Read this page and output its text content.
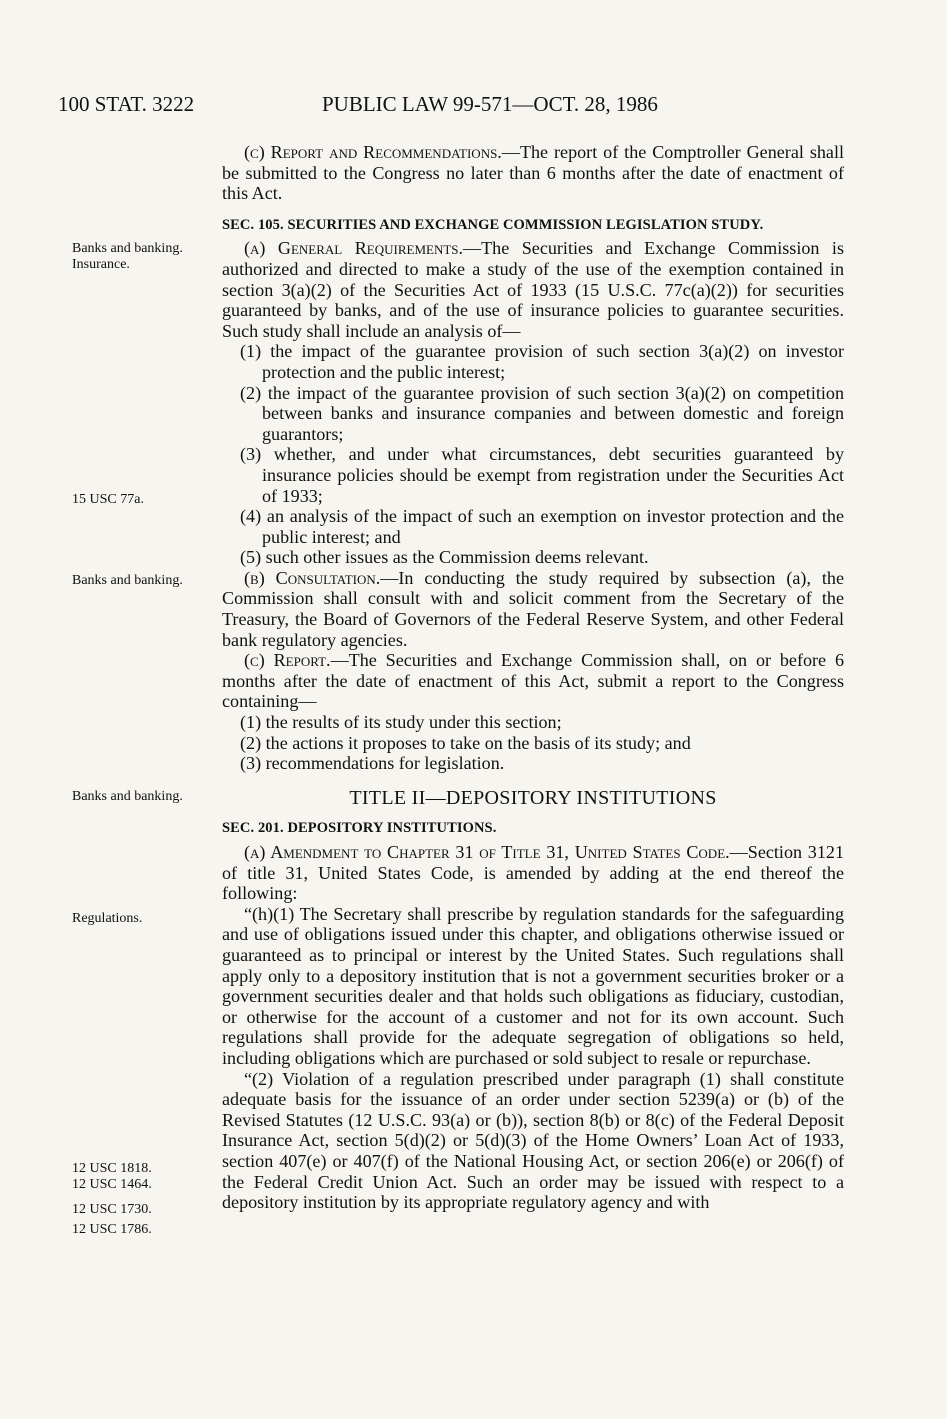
100 STAT. 3222	PUBLIC LAW 99-571—OCT. 28, 1986
Banks and banking. Insurance.
15 USC 77a.
Banks and banking.
Banks and banking.
Regulations.
12 USC 1818.
12 USC 1464.
12 USC 1730.
12 USC 1786.

(c) Report and Recommendations.—The report of the Comptroller General shall be submitted to the Congress no later than 6 months after the date of enactment of this Act.

SEC. 105. SECURITIES AND EXCHANGE COMMISSION LEGISLATION STUDY.

(a) General Requirements.—The Securities and Exchange Commission is authorized and directed to make a study of the use of the exemption contained in section 3(a)(2) of the Securities Act of 1933 (15 U.S.C. 77c(a)(2)) for securities guaranteed by banks, and of the use of insurance policies to guarantee securities. Such study shall include an analysis of—

(1) the impact of the guarantee provision of such section 3(a)(2) on investor protection and the public interest;

(2) the impact of the guarantee provision of such section 3(a)(2) on competition between banks and insurance companies and between domestic and foreign guarantors;

(3) whether, and under what circumstances, debt securities guaranteed by insurance policies should be exempt from registration under the Securities Act of 1933;

(4) an analysis of the impact of such an exemption on investor protection and the public interest; and

(5) such other issues as the Commission deems relevant.

(b) Consultation.—In conducting the study required by subsection (a), the Commission shall consult with and solicit comment from the Secretary of the Treasury, the Board of Governors of the Federal Reserve System, and other Federal bank regulatory agencies.

(c) Report.—The Securities and Exchange Commission shall, on or before 6 months after the date of enactment of this Act, submit a report to the Congress containing—

(1) the results of its study under this section;

(2) the actions it proposes to take on the basis of its study; and

(3) recommendations for legislation.

TITLE II—DEPOSITORY INSTITUTIONS

SEC. 201. DEPOSITORY INSTITUTIONS.

(a) Amendment to Chapter 31 of Title 31, United States Code.—Section 3121 of title 31, United States Code, is amended by adding at the end thereof the following:

“(h)(1) The Secretary shall prescribe by regulation standards for the safeguarding and use of obligations issued under this chapter, and obligations otherwise issued or guaranteed as to principal or interest by the United States. Such regulations shall apply only to a depository institution that is not a government securities broker or a government securities dealer and that holds such obligations as fiduciary, custodian, or otherwise for the account of a customer and not for its own account. Such regulations shall provide for the adequate segregation of obligations so held, including obligations which are purchased or sold subject to resale or repurchase.

“(2) Violation of a regulation prescribed under paragraph (1) shall constitute adequate basis for the issuance of an order under section 5239(a) or (b) of the Revised Statutes (12 U.S.C. 93(a) or (b)), section 8(b) or 8(c) of the Federal Deposit Insurance Act, section 5(d)(2) or 5(d)(3) of the Home Owners’ Loan Act of 1933, section 407(e) or 407(f) of the National Housing Act, or section 206(e) or 206(f) of the Federal Credit Union Act. Such an order may be issued with respect to a depository institution by its appropriate regulatory agency and with
